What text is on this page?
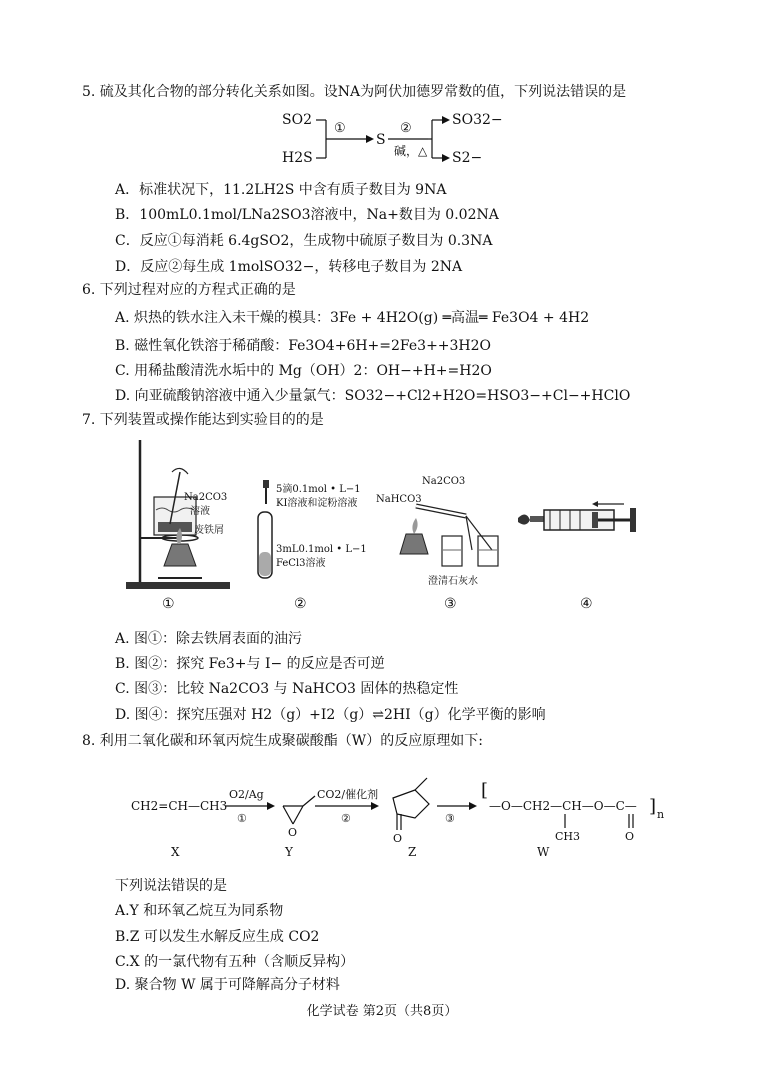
5. 硫及其化合物的部分转化关系如图。设NA为阿伏加德罗常数的值，下列说法错误的是
SO2
H2S
①
S
②
碱，△
SO32−
S2−
A．标准状况下，11.2LH2S 中含有质子数目为 9NA
B．100mL0.1mol/LNa2SO3溶液中，Na+数目为 0.02NA
C．反应①每消耗 6.4gSO2，生成物中硫原子数目为 0.3NA
D．反应②每生成 1molSO32−，转移电子数目为 2NA
6. 下列过程对应的方程式正确的是
A. 炽热的铁水注入未干燥的模具：3Fe + 4H2O(g) ═高温═ Fe3O4 + 4H2
B. 磁性氧化铁溶于稀硝酸：Fe3O4+6H+=2Fe3++3H2O
C. 用稀盐酸清洗水垢中的 Mg（OH）2：OH−+H+=H2O
D. 向亚硫酸钠溶液中通入少量氯气：SO32−+Cl2+H2O=HSO3−+Cl−+HClO
7. 下列装置或操作能达到实验目的的是
Na2CO3
溶液
废铁屑
①
5滴0.1mol • L−1
KI溶液和淀粉溶液
3mL0.1mol • L−1
FeCl3溶液
②
Na2CO3
NaHCO3
澄清石灰水
③	④
A. 图①：除去铁屑表面的油污
B. 图②：探究 Fe3+与 I− 的反应是否可逆
C. 图③：比较 Na2CO3 与 NaHCO3 固体的热稳定性
D. 图④：探究压强对 H2（g）+I2（g）⇌2HI（g）化学平衡的影响
8. 利用二氧化碳和环氧丙烷生成聚碳酸酯（W）的反应原理如下:
CH2=CH—CH3
O2/Ag
①
O
CO2/催化剂
②
O
③
[
—O—CH2—CH—O—C—
CH3	O
] n
X	Y	Z	W
下列说法错误的是
A.Y 和环氧乙烷互为同系物
B.Z 可以发生水解反应生成 CO2
C.X 的一氯代物有五种（含顺反异构）
D. 聚合物 W 属于可降解高分子材料
化学试卷 第2页（共8页）
